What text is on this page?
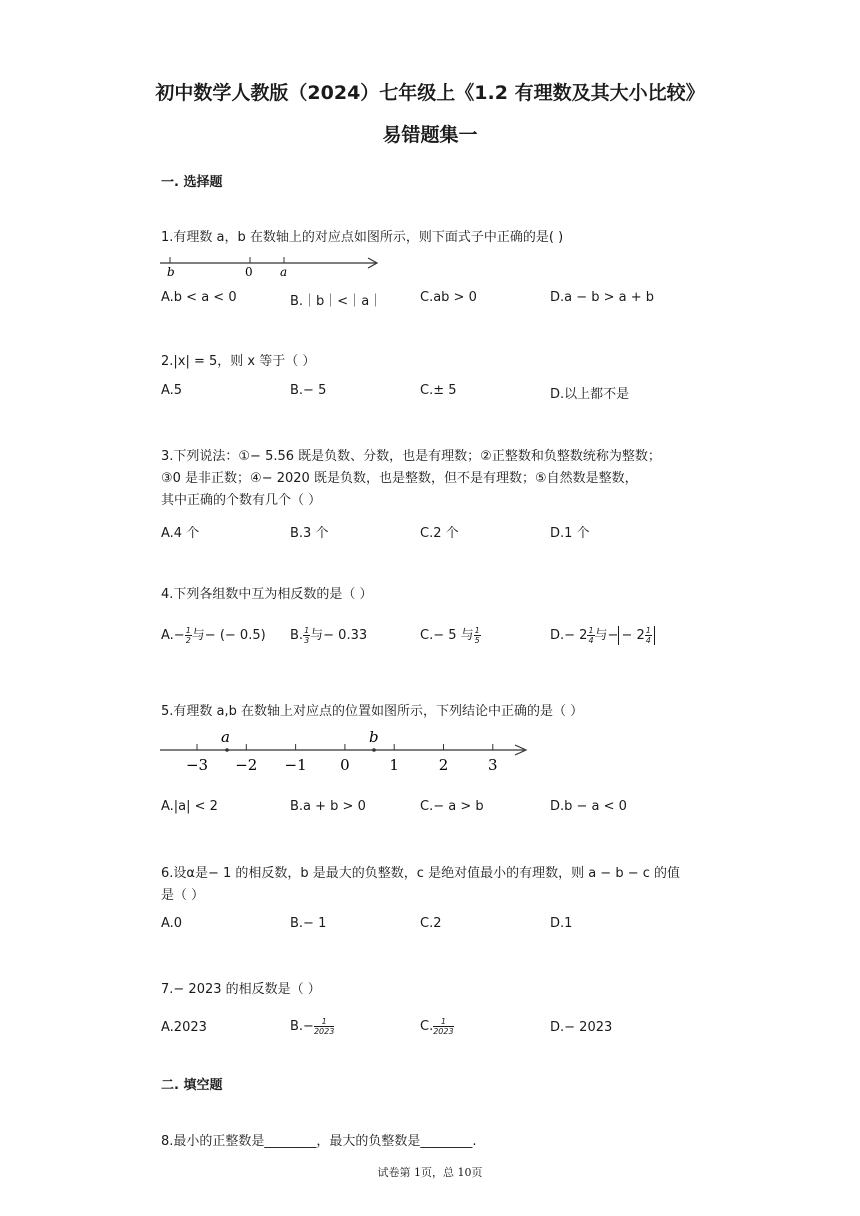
初中数学人教版（2024）七年级上《1.2 有理数及其大小比较》
易错题集一
一. 选择题
1.有理数 a，b 在数轴上的对应点如图所示，则下面式子中正确的是( )
b	0 a
A.b < a < 0	B.｜b｜<｜a｜	C.ab > 0	D.a − b > a + b
2.|x| = 5，则 x 等于（ ）
A.5	B.− 5	C.± 5	D.以上都不是
3.下列说法：①− 5.56 既是负数、分数，也是有理数；②正整数和负整数统称为整数；
③0 是非正数；④− 2020 既是负数，也是整数，但不是有理数；⑤自然数是整数，
其中正确的个数有几个（ ）
A.4 个	B.3 个	C.2 个	D.1 个
4.下列各组数中互为相反数的是（ ）
$A.- \frac{1}{2}$ 与− (− 0.5) B. $\frac{1}{3}$ 与− 0.33	C.− 5 与 $\frac{1}{5}$	$D.- 2 \frac{1}{4}$ 与− − $2 \frac{1}{4}$
5.有理数 a,b 在数轴上对应点的位置如图所示，下列结论中正确的是（ ）
−3 −2 −1 0	1	2	3
a	b
A.|a| < 2	B.a + b > 0	C.− a > b	D.b − a < 0
6.设α是− 1 的相反数，b 是最大的负整数，c 是绝对值最小的有理数，则 a − b − c 的值
是（ ）
A.0	B.− 1	C.2	D.1
7.− 2023 的相反数是（ ）
A.2023	$B.- \frac{1}{2023}$	C. $\frac{1}{2023}$	D.− 2023
二. 填空题
8.最小的正整数是________，最大的负整数是________.
试卷第 1页，总 10页
